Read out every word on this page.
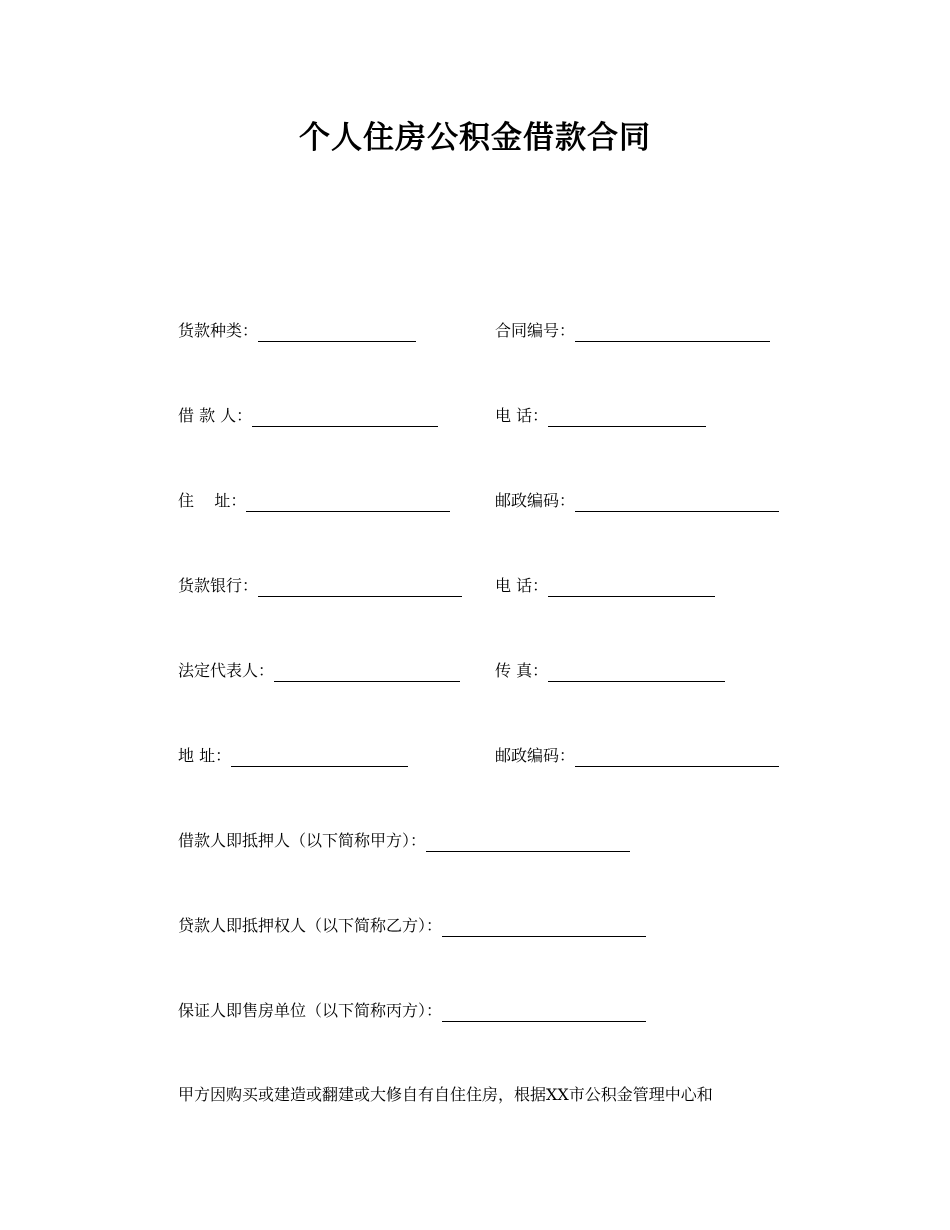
个人住房公积金借款合同
货款种类：	合同编号：
借 款 人：	电 话：
住    址：	邮政编码：
货款银行：	电 话：
法定代表人：	传 真：
地 址：	邮政编码：
借款人即抵押人（以下简称甲方）：
贷款人即抵押权人（以下简称乙方）：
保证人即售房单位（以下简称丙方）：
甲方因购买或建造或翻建或大修自有自住住房，根据XX市公积金管理中心和
